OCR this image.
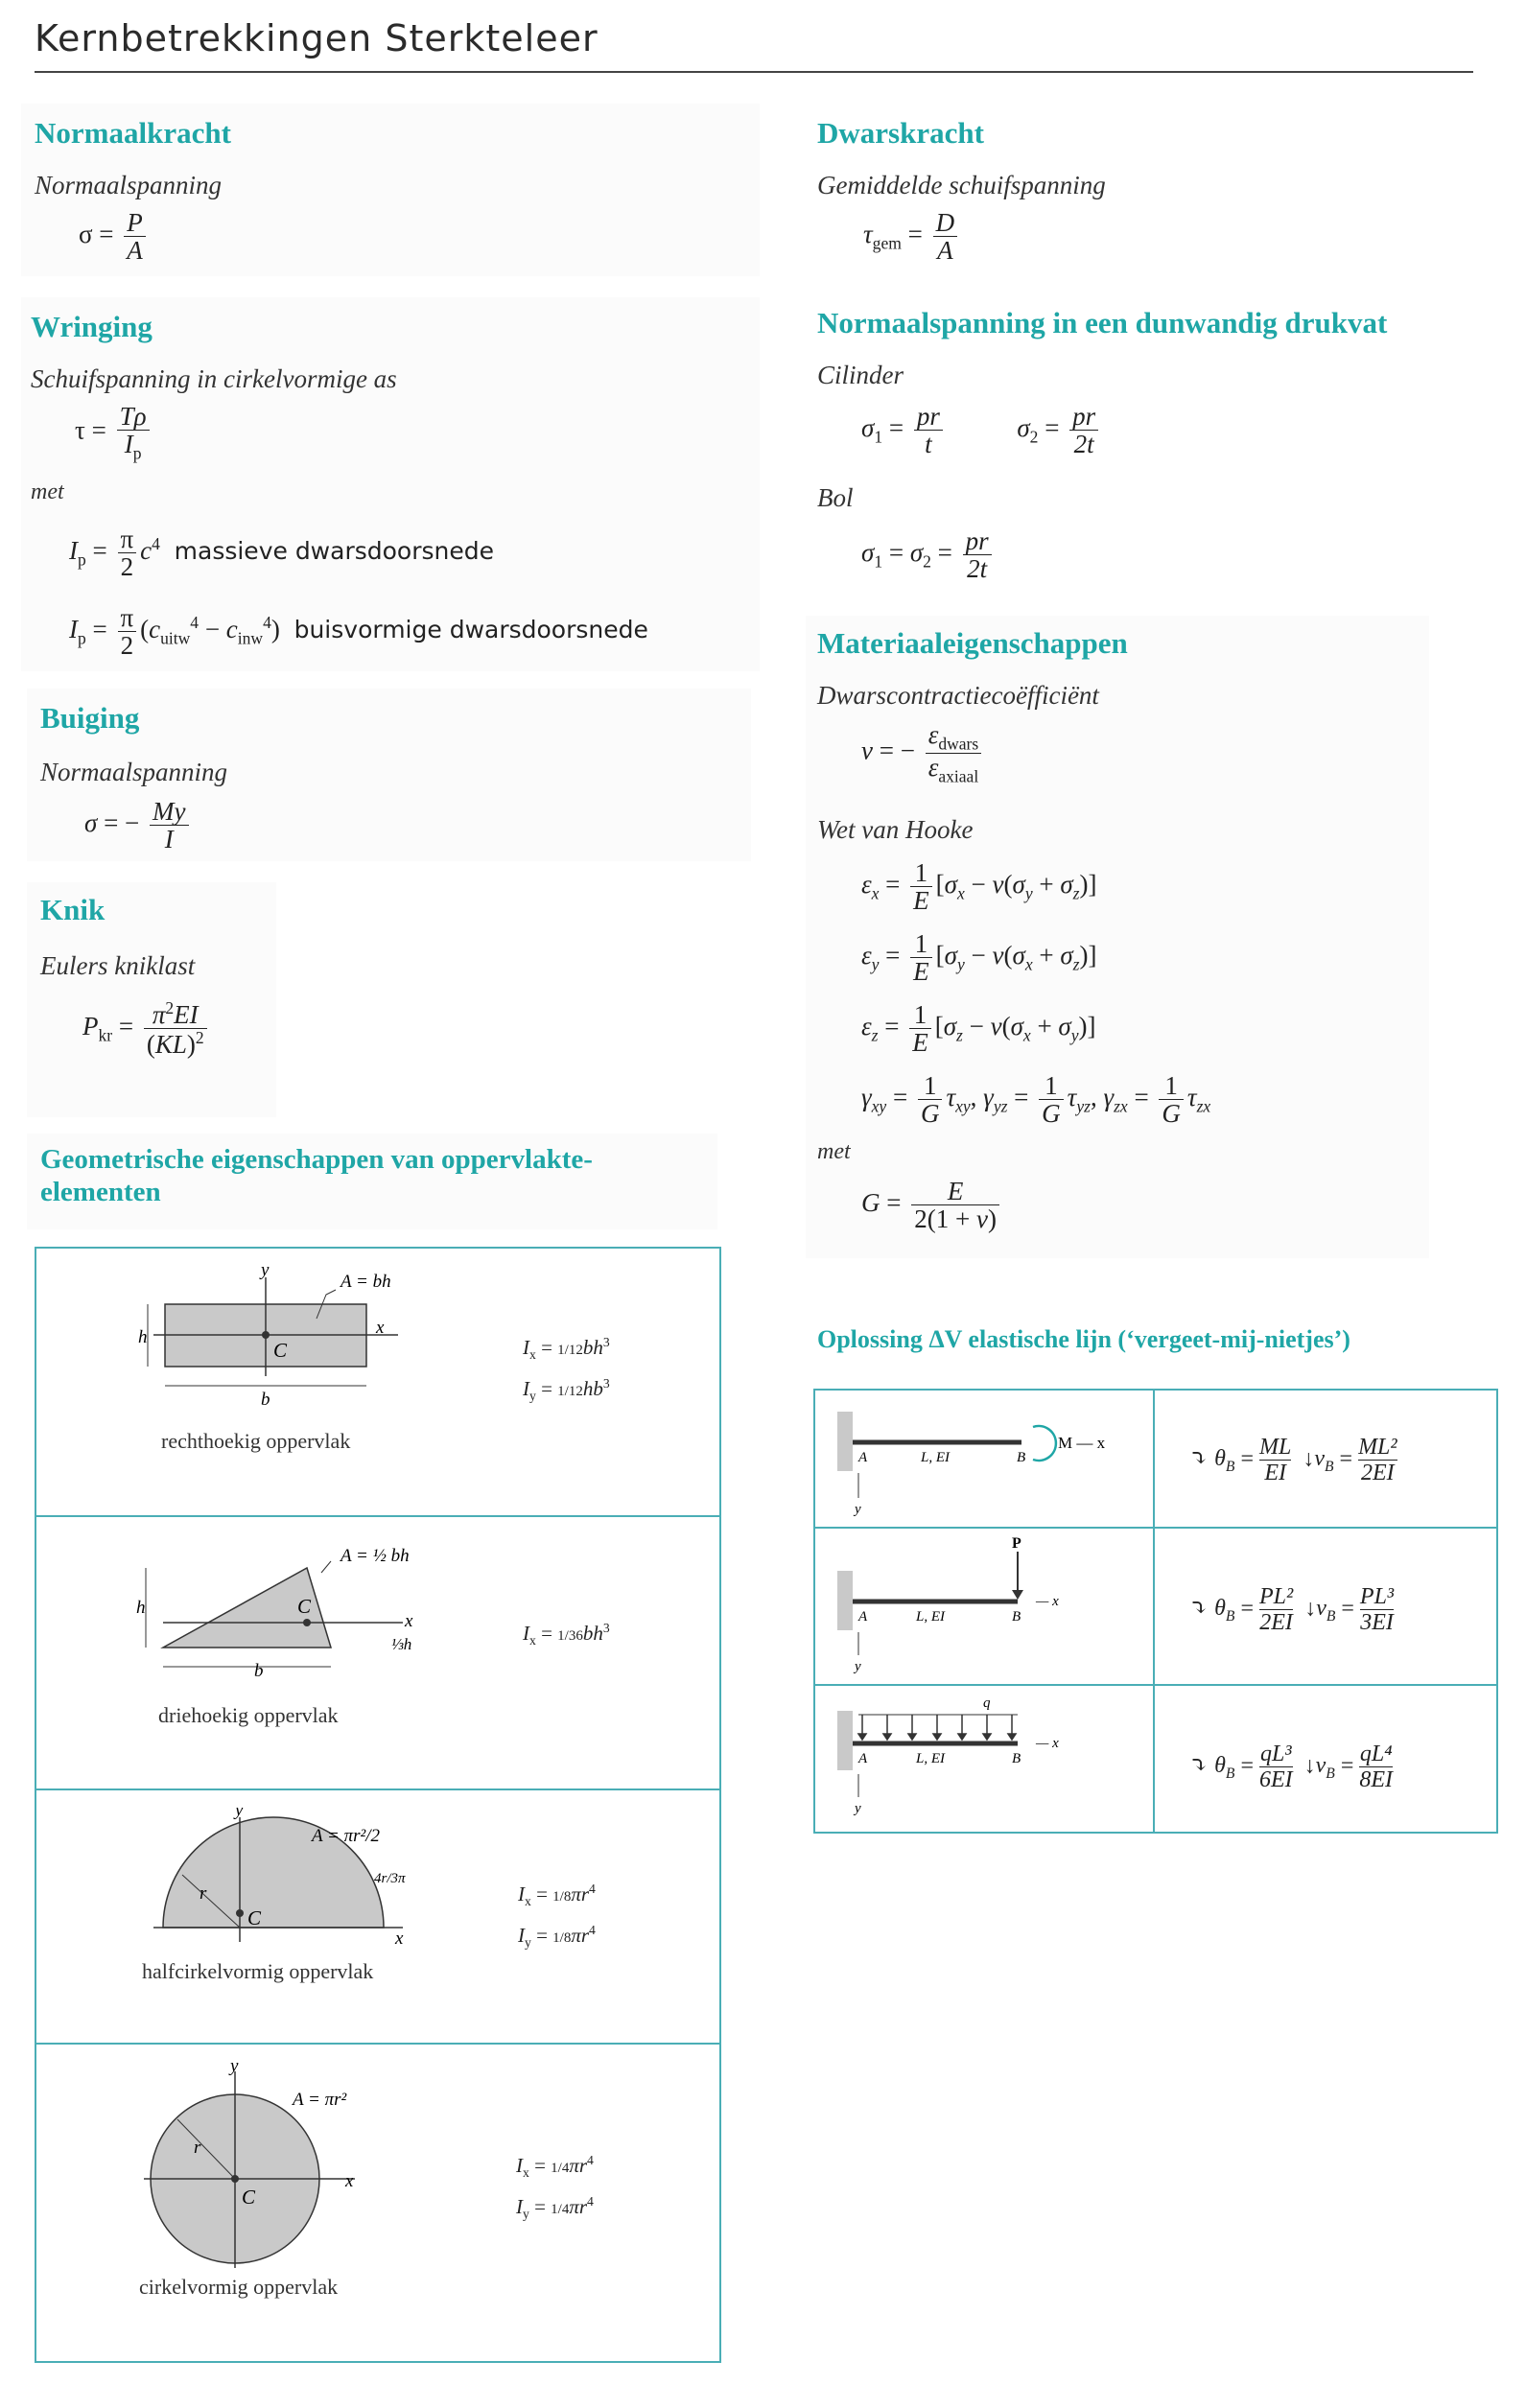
Kernbetrekkingen Sterkteleer
Normaalkracht
Normaalspanning
$\sigma = \frac{P}{A}$
Dwarskracht
Gemiddelde schuifspanning
$\tau_{gem} = \frac{D}{A}$
Wringing
Schuifspanning in cirkelvormige as
$\tau = \frac{T\rho}{I_p}$
met
$I_p = \frac{\pi}{2} c^4$ massieve dwarsdoorsnede
$I_p = \frac{\pi}{2} (c_{uitw}^4 - c_{inw}^4)$ buisvormige dwarsdoorsnede
Normaalspanning in een dunwandig drukvat
Cilinder
$\sigma_1 = \frac{pr}{t}$	$\sigma_2 = \frac{pr}{2t}$
Bol
$\sigma_1 = \sigma_2 = \frac{pr}{2t}$
Buiging
Normaalspanning
σ = − $\frac{My}{I}$
Knik
Eulers kniklast
$P_{kr} = \frac{\pi^2EI}{(KL)^2}$
Materiaaleigenschappen
Dwarscontractiecoëfficiënt
ν = − $\frac{\varepsilon_{dwars}}{\varepsilon_{axiaal}}$
Wet van Hooke
$\varepsilon_x = \frac{1}{E} [\sigma_x - \nu(\sigma_y + \sigma_z)]$
$\varepsilon_y = \frac{1}{E} [\sigma_y - \nu(\sigma_x + \sigma_z)]$
$\varepsilon_z = \frac{1}{E} [\sigma_z - \nu(\sigma_x + \sigma_y)]$
$\gamma_{xy} = \frac{1}{G} \tau_{xy}$, $\gamma_{yz} = \frac{1}{G} \tau_{yz}$, $\gamma_{zx} = \frac{1}{G} \tau_{zx}$
met
$G = \frac{E}{2(1 + \nu)}$
Geometrische eigenschappen van oppervlakte-
elementen
y
x
C
A = bh
h
b
$I_x = 1/12bh^3$
$I_y = 1/12hb^3$
rechthoekig oppervlak
C
x
A = ½ bh
h
b
⅓h	$I_x = 1/36bh^3$
driehoekig oppervlak
r
C
y
x
A = πr²/2
4r/3π
$I_x = 1/8\pi r^4$
$I_y = 1/8\pi r^4$
halfcirkelvormig oppervlak
r
C
y
x
A = πr²
$I_x = 1/4\pi r^4$
$I_y = 1/4\pi r^4$
cirkelvormig oppervlak
Oplossing ΔV elastische lijn (‘vergeet-mij-nietjes’)
A	L, EI	B
M — x
y
⤵ $\theta_B = \frac{ML}{EI}$ $↓v_B = \frac{\text{ML²}}{2EI}$
P
A	L, EI	B
— x
y
⤵ $\theta_B = \frac{\text{PL²}}{2EI}$ $↓v_B = \frac{\text{PL³}}{3EI}$
q
A	L, EI	B
— x
y
⤵ $\theta_B = \frac{\text{qL³}}{6EI}$ $↓v_B = \frac{\text{qL⁴}}{8EI}$
